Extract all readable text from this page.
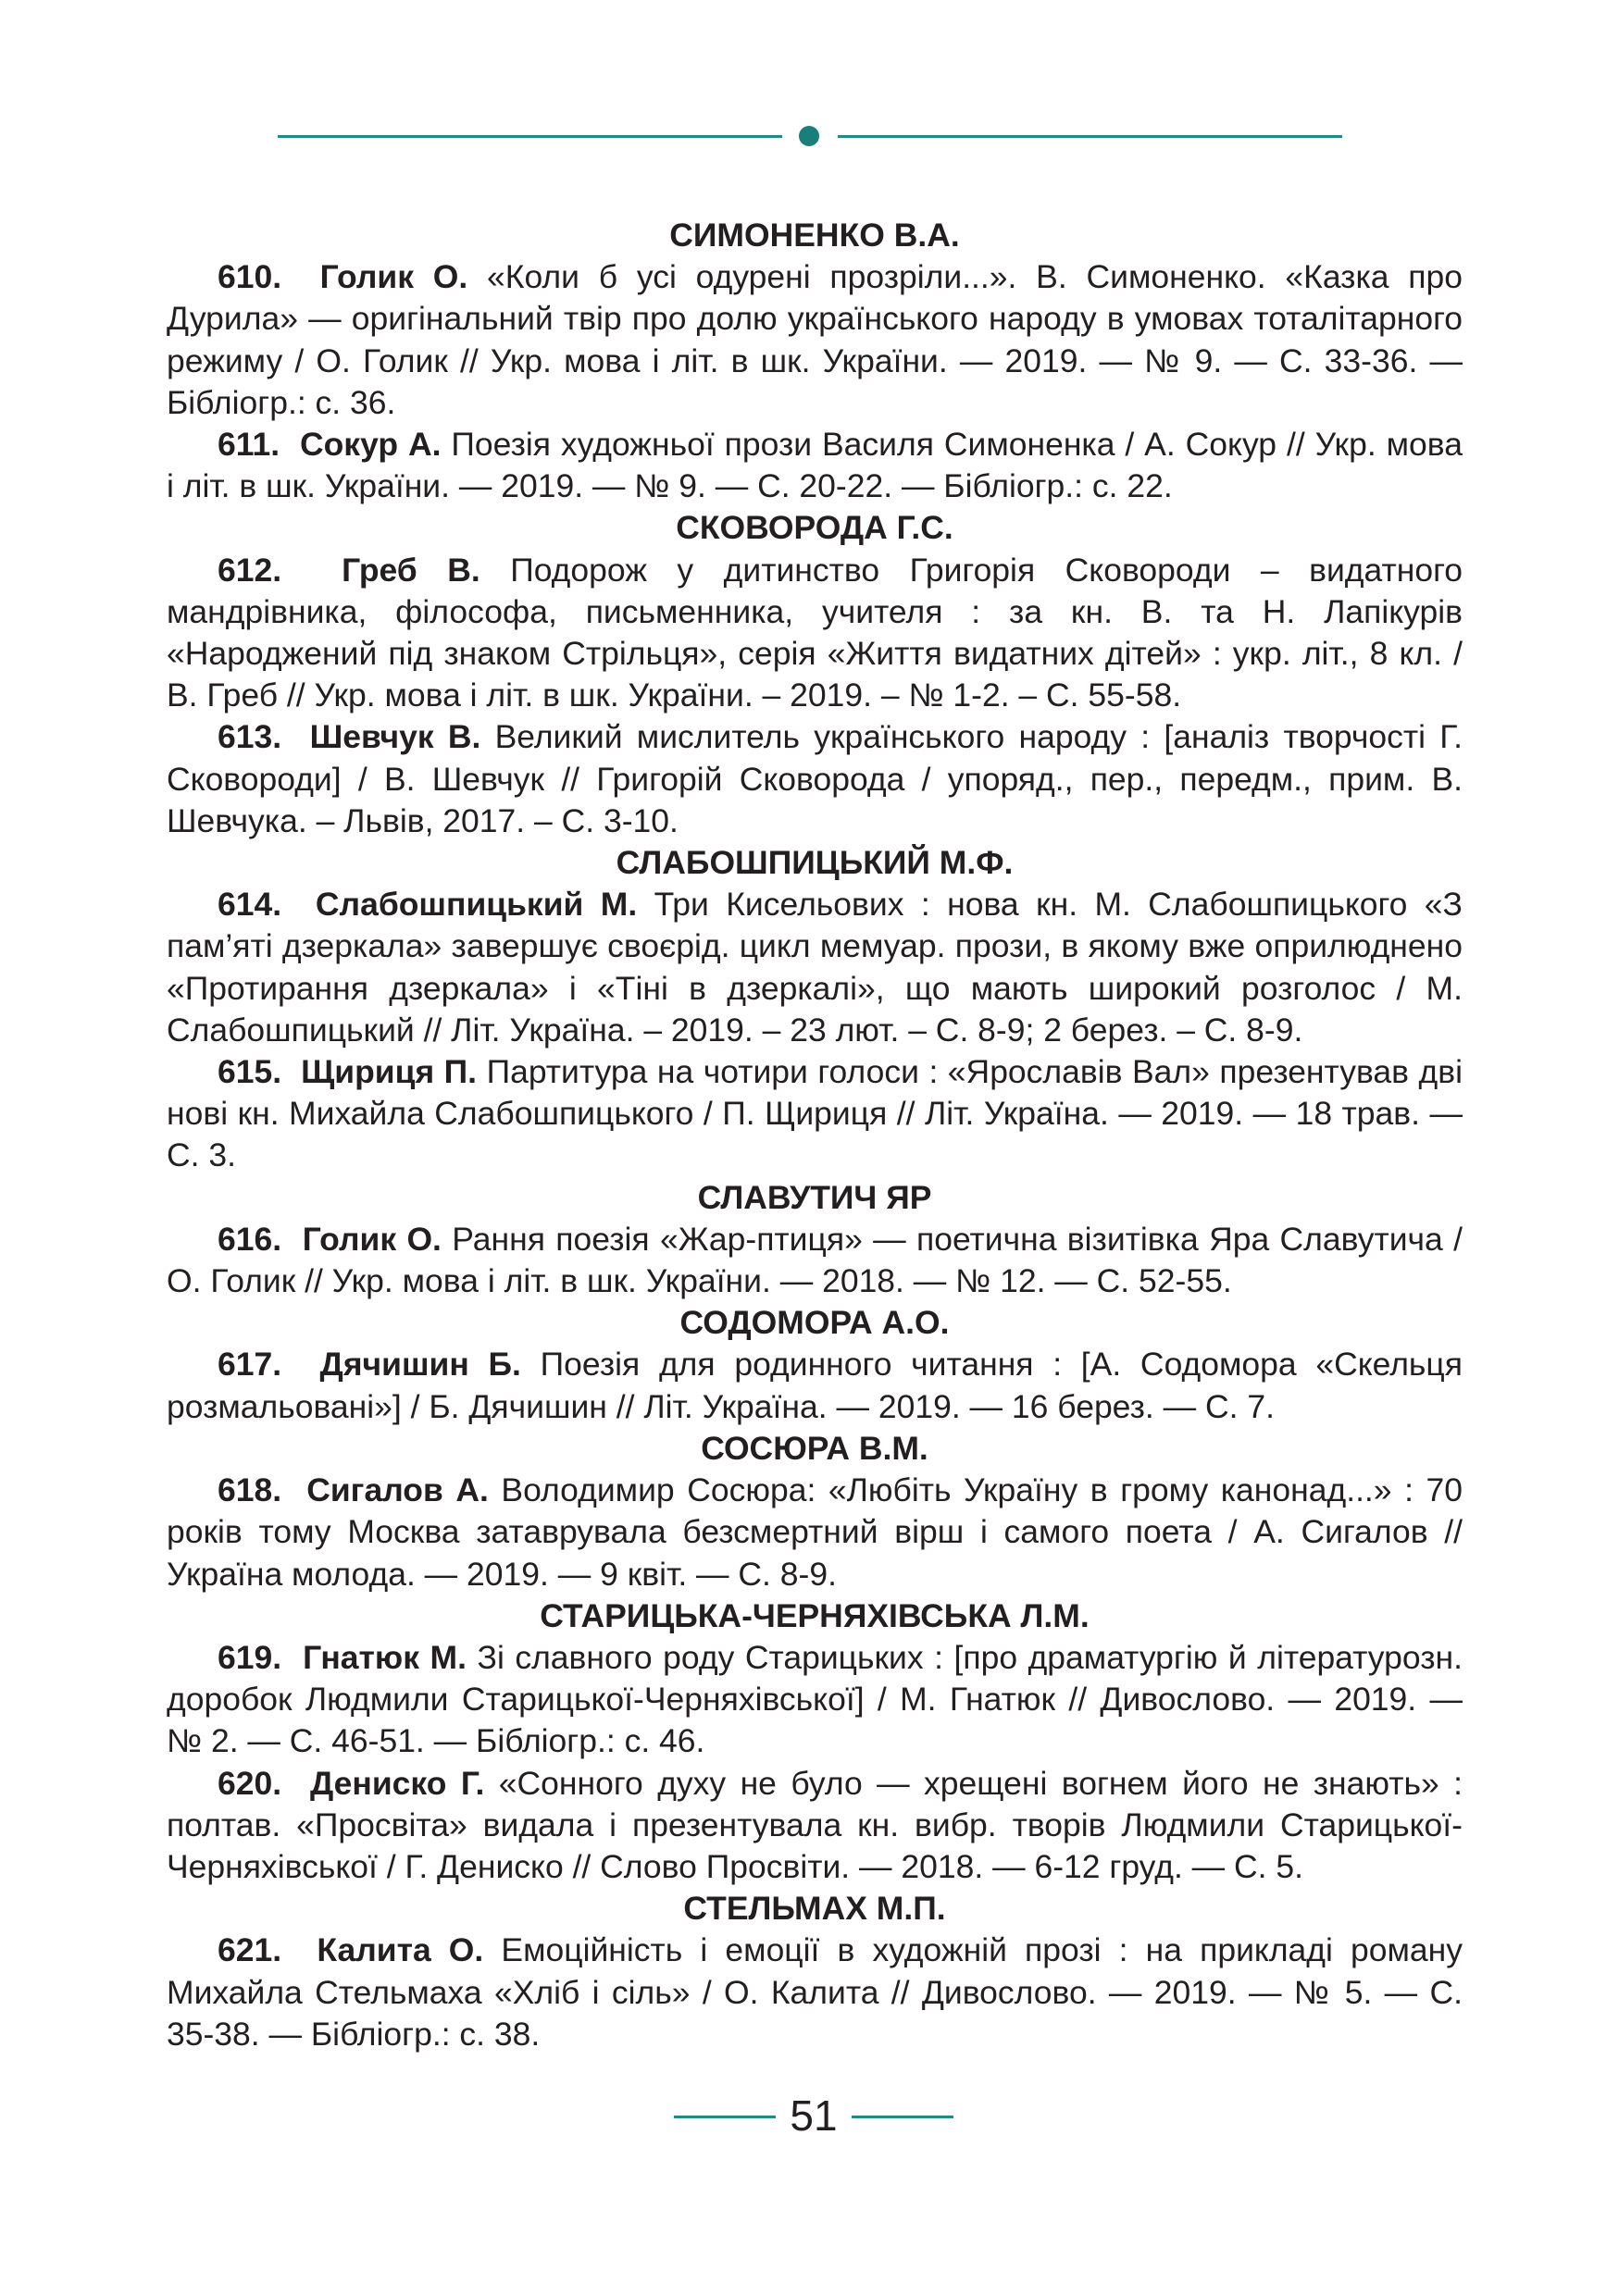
СИМОНЕНКО В.А.

610. Голик О. «Коли б усі одурені прозріли...». В. Симоненко. «Казка про Дурила» — оригінальний твір про долю українського народу в умовах тоталітарного режиму / О. Голик // Укр. мова і літ. в шк. України. — 2019. — № 9. — С. 33-36. — Бібліогр.: с. 36.

611. Сокур А. Поезія художньої прози Василя Симоненка / А. Сокур // Укр. мова і літ. в шк. України. — 2019. — № 9. — С. 20-22. — Бібліогр.: с. 22.

СКОВОРОДА Г.С.

612. Греб В. Подорож у дитинство Григорія Сковороди – видатного мандрівника, філософа, письменника, учителя : за кн. В. та Н. Лапікурів «Народжений під знаком Стрільця», серія «Життя видатних дітей» : укр. літ., 8 кл. / В. Греб // Укр. мова і літ. в шк. України. – 2019. – № 1-2. – С. 55-58.

613. Шевчук В. Великий мислитель українського народу : [аналіз творчості Г. Сковороди] / В. Шевчук // Григорій Сковорода / упоряд., пер., передм., прим. В. Шевчука. – Львів, 2017. – С. 3-10.

СЛАБОШПИЦЬКИЙ М.Ф.

614. Слабошпицький М. Три Кисельових : нова кн. М. Слабошпицького «З пам’яті дзеркала» завершує своєрід. цикл мемуар. прози, в якому вже оприлюднено «Протирання дзеркала» і «Тіні в дзеркалі», що мають широкий розголос / М. Слабошпицький // Літ. Україна. – 2019. – 23 лют. – С. 8-9; 2 берез. – С. 8-9.

615. Щириця П. Партитура на чотири голоси : «Ярославів Вал» презентував дві нові кн. Михайла Слабошпицького / П. Щириця // Літ. Україна. — 2019. — 18 трав. — С. 3.

СЛАВУТИЧ ЯР

616. Голик О. Рання поезія «Жар-птиця» — поетична візитівка Яра Славутича / О. Голик // Укр. мова і літ. в шк. України. — 2018. — № 12. — С. 52-55.

СОДОМОРА А.О.

617. Дячишин Б. Поезія для родинного читання : [А. Содомора «Скельця розмальовані»] / Б. Дячишин // Літ. Україна. — 2019. — 16 берез. — С. 7.

СОСЮРА В.М.

618. Сигалов А. Володимир Сосюра: «Любіть Україну в грому канонад...» : 70 років тому Москва затаврувала безсмертний вірш і самого поета / А. Сигалов // Україна молода. — 2019. — 9 квіт. — С. 8-9.

СТАРИЦЬКА-ЧЕРНЯХІВСЬКА Л.М.

619. Гнатюк М. Зі славного роду Старицьких : [про драматургію й літературозн. доробок Людмили Старицької-Черняхівської] / М. Гнатюк // Дивослово. — 2019. — № 2. — С. 46-51. — Бібліогр.: с. 46.

620. Дениско Г. «Сонного духу не було — хрещені вогнем його не знають» : полтав. «Просвіта» видала і презентувала кн. вибр. творів Людмили Старицької-Черняхівської / Г. Дениско // Слово Просвіти. — 2018. — 6-12 груд. — С. 5.

СТЕЛЬМАХ М.П.

621. Калита О. Емоційність і емоції в художній прозі : на прикладі роману Михайла Стельмаха «Хліб і сіль» / О. Калита // Дивослово. — 2019. — № 5. — С. 35-38. — Бібліогр.: с. 38.

51
